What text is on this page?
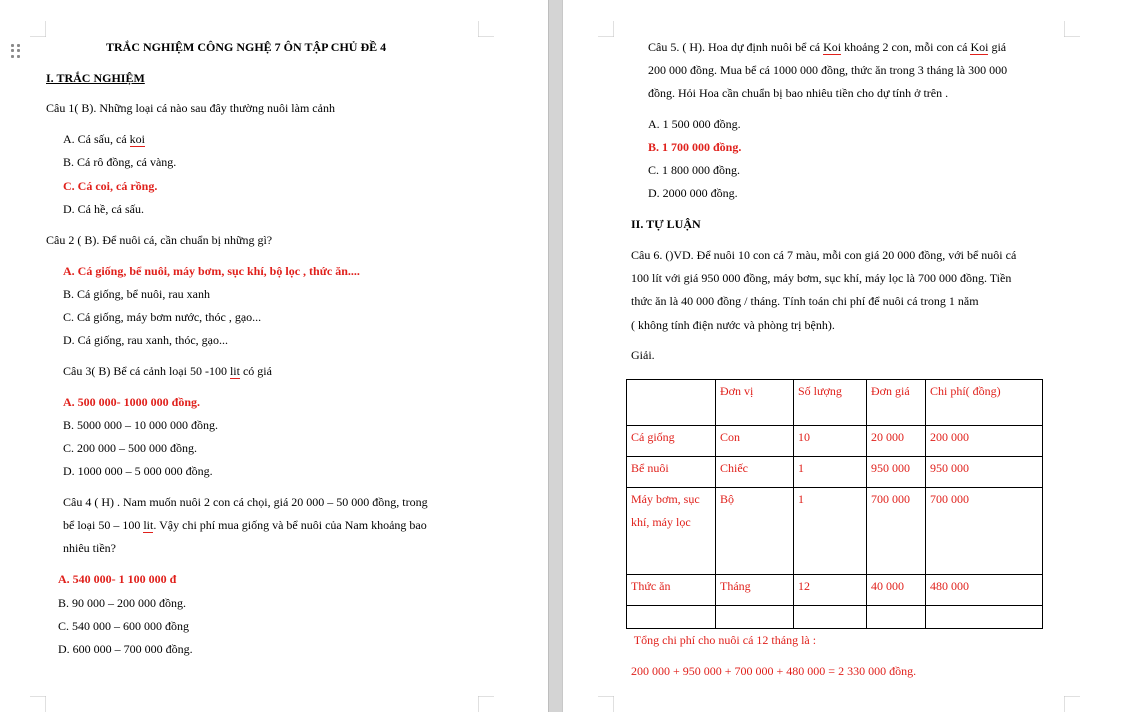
TRẮC NGHIỆM CÔNG NGHỆ 7 ÔN TẬP CHỦ ĐỀ 4
I. TRẮC NGHIỆM
Câu 1( B). Những loại cá nào sau đây thường nuôi làm cảnh
A. Cá sấu, cá koi
B. Cá rô đồng, cá vàng.
C. Cá coi, cá rồng.
D. Cá hề, cá sấu.
Câu 2 ( B). Để nuôi cá, cần chuẩn bị những gì?
A. Cá giống, bể nuôi, máy bơm, sục khí, bộ lọc , thức ăn....
B. Cá giống, bể nuôi, rau xanh
C. Cá giống, máy bơm nước, thóc , gạo...
D. Cá giống, rau xanh, thóc, gạo...
Câu 3( B) Bể cá cảnh loại 50 -100 lit có giá
A. 500 000- 1000 000 đồng.
B. 5000 000 – 10 000 000 đồng.
C. 200 000 – 500 000 đồng.
D. 1000 000 – 5 000 000 đồng.
Câu 4 ( H) . Nam muốn nuôi 2 con cá chọi, giá 20 000 – 50 000 đồng, trong
bể loại 50 – 100 lit. Vậy chi phí mua giống và bể nuôi của Nam khoảng bao
nhiêu tiền?
A. 540 000- 1 100 000 đ
B. 90 000 – 200 000 đồng.
C. 540 000 – 600 000 đồng
D. 600 000 – 700 000 đồng.
Câu 5. ( H). Hoa dự định nuôi bể cá Koi khoảng 2 con, mỗi con cá Koi giá
200 000 đồng. Mua bể cá 1000 000 đồng, thức ăn trong 3 tháng là 300 000
đồng. Hỏi Hoa cần chuẩn bị bao nhiêu tiền cho dự tính ở trên .
A. 1 500 000 đồng.
B. 1 700 000 đồng.
C. 1 800 000 đồng.
D. 2000 000 đồng.
II. TỰ LUẬN
Câu 6. ()VD. Để nuôi 10 con cá 7 màu, mỗi con giá 20 000 đồng, với bể nuôi cá
100 lít với giá 950 000 đồng, máy bơm, sục khí, máy lọc là 700 000 đồng. Tiền
thức ăn là 40 000 đồng / tháng. Tính toán chi phí để nuôi cá trong 1 năm
( không tính điện nước và phòng trị bệnh).
Giải.
	Đơn vị	Số lượng	Đơn giá	Chi phí( đồng)
Cá giống	Con	10	20 000	200 000
Bể nuôi	Chiếc	1	950 000	950 000
Máy bơm, sục khí, máy lọc	Bộ	1	700 000	700 000
Thức ăn	Tháng	12	40 000	480 000

Tổng chi phí cho nuôi cá 12 tháng là :
200 000 + 950 000 + 700 000 + 480 000 = 2 330 000 đồng.
